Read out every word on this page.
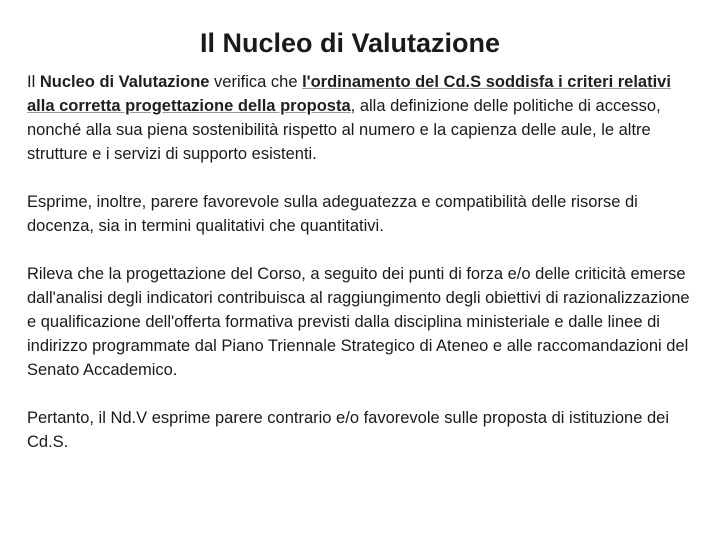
Il Nucleo di Valutazione

Il Nucleo di Valutazione verifica che l'ordinamento del Cd.S soddisfa i criteri relativi alla corretta progettazione della proposta, alla definizione delle politiche di accesso, nonché alla sua piena sostenibilità rispetto al numero e la capienza delle aule, le altre strutture e i servizi di supporto esistenti.

Esprime, inoltre, parere favorevole sulla adeguatezza e compatibilità delle risorse di docenza, sia in termini qualitativi che quantitativi.

Rileva che la progettazione del Corso, a seguito dei punti di forza e/o delle criticità emerse dall'analisi degli indicatori contribuisca al raggiungimento degli obiettivi di razionalizzazione e qualificazione dell'offerta formativa previsti dalla disciplina ministeriale e dalle linee di indirizzo programmate dal Piano Triennale Strategico di Ateneo e alle raccomandazioni del Senato Accademico.

Pertanto, il Nd.V esprime parere contrario e/o favorevole sulle proposta di istituzione dei Cd.S.
